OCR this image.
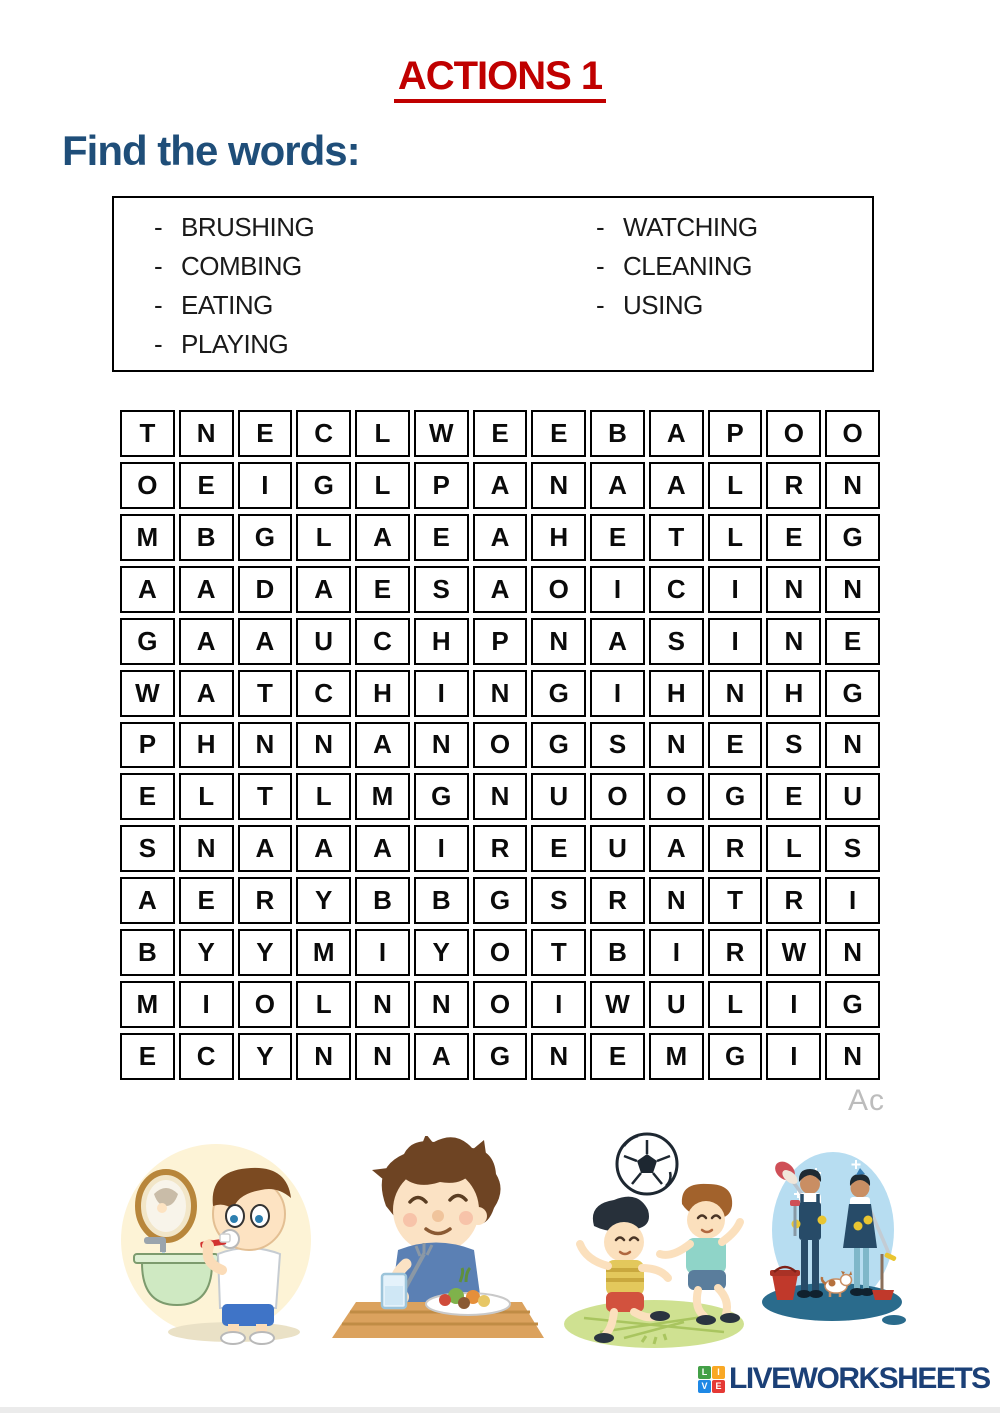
ACTIONS 1
Find the words:
- BRUSHING
- COMBING
- EATING
- PLAYING
- WATCHING
- CLEANING
- USING
T	N	E	C	L	W	E	E	B	A	P	O	O
O	E	I	G	L	P	A	N	A	A	L	R	N
M	B	G	L	A	E	A	H	E	T	L	E	G
A	A	D	A	E	S	A	O	I	C	I	N	N
G	A	A	U	C	H	P	N	A	S	I	N	E
W	A	T	C	H	I	N	G	I	H	N	H	G
P	H	N	N	A	N	O	G	S	N	E	S	N
E	L	T	L	M	G	N	U	O	O	G	E	U
S	N	A	A	A	I	R	E	U	A	R	L	S
A	E	R	Y	B	B	G	S	R	N	T	R	I
B	Y	Y	M	I	Y	O	T	B	I	R	W	N
M	I	O	L	N	N	O	I	W	U	L	I	G
E	C	Y	N	N	A	G	N	E	M	G	I	N
Ac
L	I
V E LIVEWORKSHEETS
